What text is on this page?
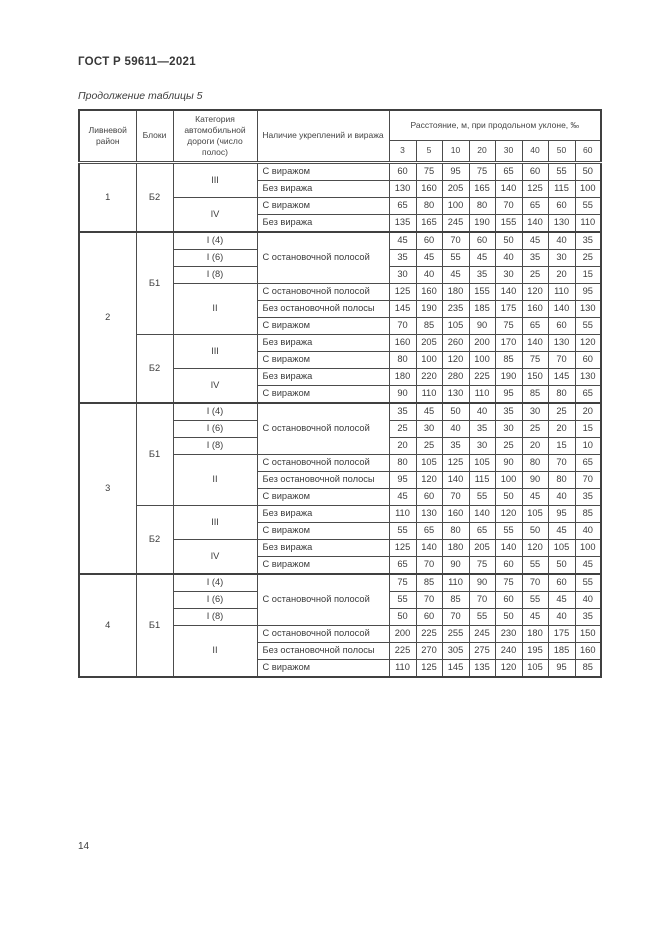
ГОСТ Р 59611—2021
Продолжение таблицы 5
Ливневой район	Блоки	Категория автомобильной дороги (число полос)	Наличие укреплений и виража	Расстояние, м, при продольном уклоне, ‰							
				3	5	10	20	30	40	50	60
1	Б2	III	С виражом	60	75	95	75	65	60	55	50
			Без виража	130	160	205	165	140	125	115	100
		IV	С виражом	65	80	100	80	70	65	60	55
			Без виража	135	165	245	190	155	140	130	110
2	Б1	I (4)	С остановочной полосой	45	60	70	60	50	45	40	35
		I (6)		35	45	55	45	40	35	30	25
		I (8)		30	40	45	35	30	25	20	15
		II	С остановочной полосой	125	160	180	155	140	120	110	95
			Без остановочной полосы	145	190	235	185	175	160	140	130
			С виражом	70	85	105	90	75	65	60	55
	Б2	III	Без виража	160	205	260	200	170	140	130	120
			С виражом	80	100	120	100	85	75	70	60
		IV	Без виража	180	220	280	225	190	150	145	130
			С виражом	90	110	130	110	95	85	80	65
3	Б1	I (4)	С остановочной полосой	35	45	50	40	35	30	25	20
		I (6)		25	30	40	35	30	25	20	15
		I (8)		20	25	35	30	25	20	15	10
		II	С остановочной полосой	80	105	125	105	90	80	70	65
			Без остановочной полосы	95	120	140	115	100	90	80	70
			С виражом	45	60	70	55	50	45	40	35
	Б2	III	Без виража	110	130	160	140	120	105	95	85
			С виражом	55	65	80	65	55	50	45	40
		IV	Без виража	125	140	180	205	140	120	105	100
			С виражом	65	70	90	75	60	55	50	45
4	Б1	I (4)	С остановочной полосой	75	85	110	90	75	70	60	55
		I (6)		55	70	85	70	60	55	45	40
		I (8)		50	60	70	55	50	45	40	35
		II	С остановочной полосой	200	225	255	245	230	180	175	150
			Без остановочной полосы	225	270	305	275	240	195	185	160
			С виражом	110	125	145	135	120	105	95	85
14
